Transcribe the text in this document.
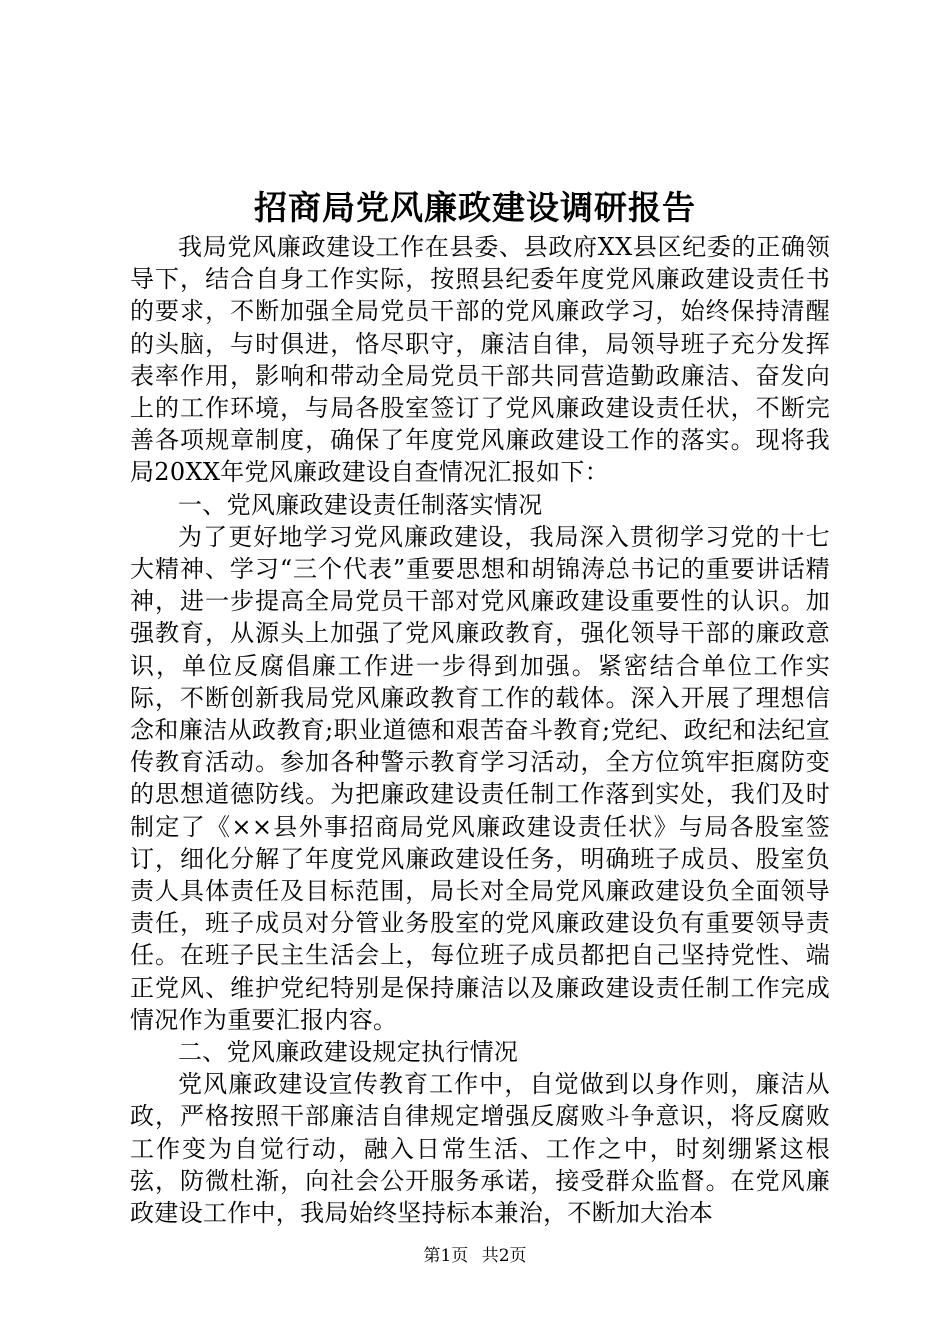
招商局党风廉政建设调研报告

我局党风廉政建设工作在县委、县政府XX县区纪委的正确领导下，结合自身工作实际，按照县纪委年度党风廉政建设责任书的要求，不断加强全局党员干部的党风廉政学习，始终保持清醒的头脑，与时俱进，恪尽职守，廉洁自律，局领导班子充分发挥表率作用，影响和带动全局党员干部共同营造勤政廉洁、奋发向上的工作环境，与局各股室签订了党风廉政建设责任状，不断完善各项规章制度，确保了年度党风廉政建设工作的落实。现将我局20XX年党风廉政建设自查情况汇报如下：

一、党风廉政建设责任制落实情况

为了更好地学习党风廉政建设，我局深入贯彻学习党的十七大精神、学习“三个代表”重要思想和胡锦涛总书记的重要讲话精神，进一步提高全局党员干部对党风廉政建设重要性的认识。加强教育，从源头上加强了党风廉政教育，强化领导干部的廉政意识，单位反腐倡廉工作进一步得到加强。紧密结合单位工作实际，不断创新我局党风廉政教育工作的载体。深入开展了理想信念和廉洁从政教育;职业道德和艰苦奋斗教育;党纪、政纪和法纪宣传教育活动。参加各种警示教育学习活动，全方位筑牢拒腐防变的思想道德防线。为把廉政建设责任制工作落到实处，我们及时制定了《××县外事招商局党风廉政建设责任状》与局各股室签订，细化分解了年度党风廉政建设任务，明确班子成员、股室负责人具体责任及目标范围，局长对全局党风廉政建设负全面领导责任，班子成员对分管业务股室的党风廉政建设负有重要领导责任。在班子民主生活会上，每位班子成员都把自己坚持党性、端正党风、维护党纪特别是保持廉洁以及廉政建设责任制工作完成情况作为重要汇报内容。

二、党风廉政建设规定执行情况

党风廉政建设宣传教育工作中，自觉做到以身作则，廉洁从政，严格按照干部廉洁自律规定增强反腐败斗争意识，将反腐败工作变为自觉行动，融入日常生活、工作之中，时刻绷紧这根弦，防微杜渐，向社会公开服务承诺，接受群众监督。在党风廉政建设工作中，我局始终坚持标本兼治，不断加大治本

第1页 共2页
